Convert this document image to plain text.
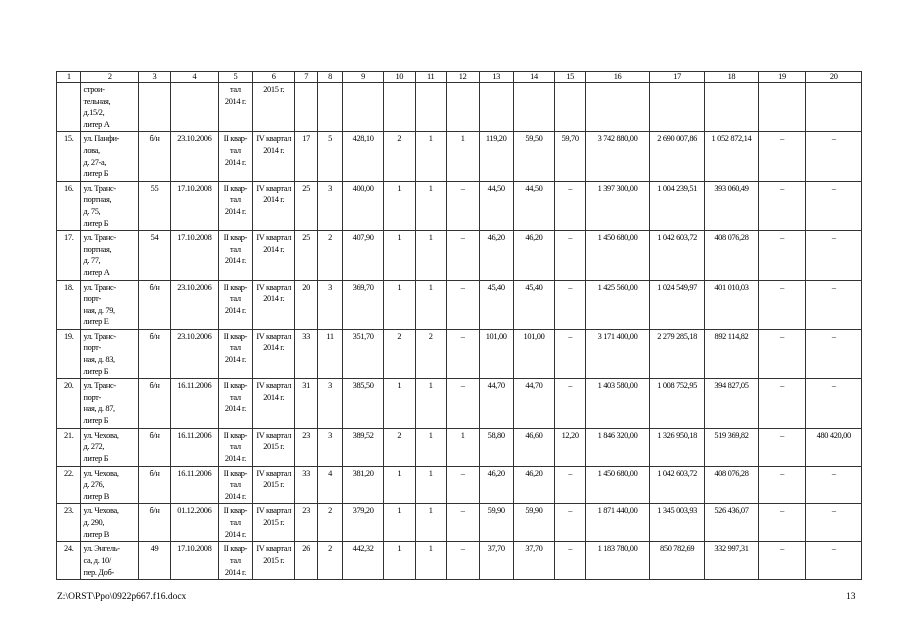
1	2	3	4	5	6	7	8	9	10	11	12	13	14	15	16	17	18	19	20
	строи-
тельная,
д.15/2,
литер А			тал
2014 г.	2015 г.														
15.	ул. Панфи-
лова,
д. 27-а,
литер Б	б/н	23.10.2006	II квар-
тал
2014 г.	IV квартал
2014 г.	17	5	428,10	2	1	1	119,20	59,50	59,70	3 742 880,00	2 690 007,86	1 052 872,14	–	–
16.	ул. Транс-
портная,
д. 75,
литер Б	55	17.10.2008	II квар-
тал
2014 г.	IV квартал
2014 г.	25	3	400,00	1	1	–	44,50	44,50	–	1 397 300,00	1 004 239,51	393 060,49	–	–
17.	ул. Транс-
портная,
д. 77,
литер А	54	17.10.2008	II квар-
тал
2014 г.	IV квартал
2014 г.	25	2	407,90	1	1	–	46,20	46,20	–	1 450 680,00	1 042 603,72	408 076,28	–	–
18.	ул. Транс-
порт-
ная, д. 79,
литер Е	б/н	23.10.2006	II квар-
тал
2014 г.	IV квартал
2014 г.	20	3	369,70	1	1	–	45,40	45,40	–	1 425 560,00	1 024 549,97	401 010,03	–	–
19.	ул. Транс-
порт-
ная, д. 83,
литер Б	б/н	23.10.2006	II квар-
тал
2014 г.	IV квартал
2014 г.	33	11	351,70	2	2	–	101,00	101,00	–	3 171 400,00	2 279 285,18	892 114,82	–	–
20.	ул. Транс-
порт-
ная, д. 87,
литер Б	б/н	16.11.2006	II квар-
тал
2014 г.	IV квартал
2014 г.	31	3	385,50	1	1	–	44,70	44,70	–	1 403 580,00	1 008 752,95	394 827,05	–	–
21.	ул. Чехова,
д. 272,
литер Б	б/н	16.11.2006	II квар-
тал
2014 г.	IV квартал
2015 г.	23	3	389,52	2	1	1	58,80	46,60	12,20	1 846 320,00	1 326 950,18	519 369,82	–	480 420,00
22.	ул. Чехова,
д. 276,
литер В	б/н	16.11.2006	II квар-
тал
2014 г.	IV квартал
2015 г.	33	4	381,20	1	1	–	46,20	46,20	–	1 450 680,00	1 042 603,72	408 076,28	–	–
23.	ул. Чехова,
д. 290,
литер В	б/н	01.12.2006	II квар-
тал
2014 г.	IV квартал
2015 г.	23	2	379,20	1	1	–	59,90	59,90	–	1 871 440,00	1 345 003,93	526 436,07	–	–
24.	ул. Энгель-
са, д. 10/
пер. Доб-	49	17.10.2008	II квар-
тал
2014 г.	IV квартал
2015 г.	26	2	442,32	1	1	–	37,70	37,70	–	1 183 780,00	850 782,69	332 997,31	–	–
Z:\ORST\Ppo\0922p667.f16.docx	13
